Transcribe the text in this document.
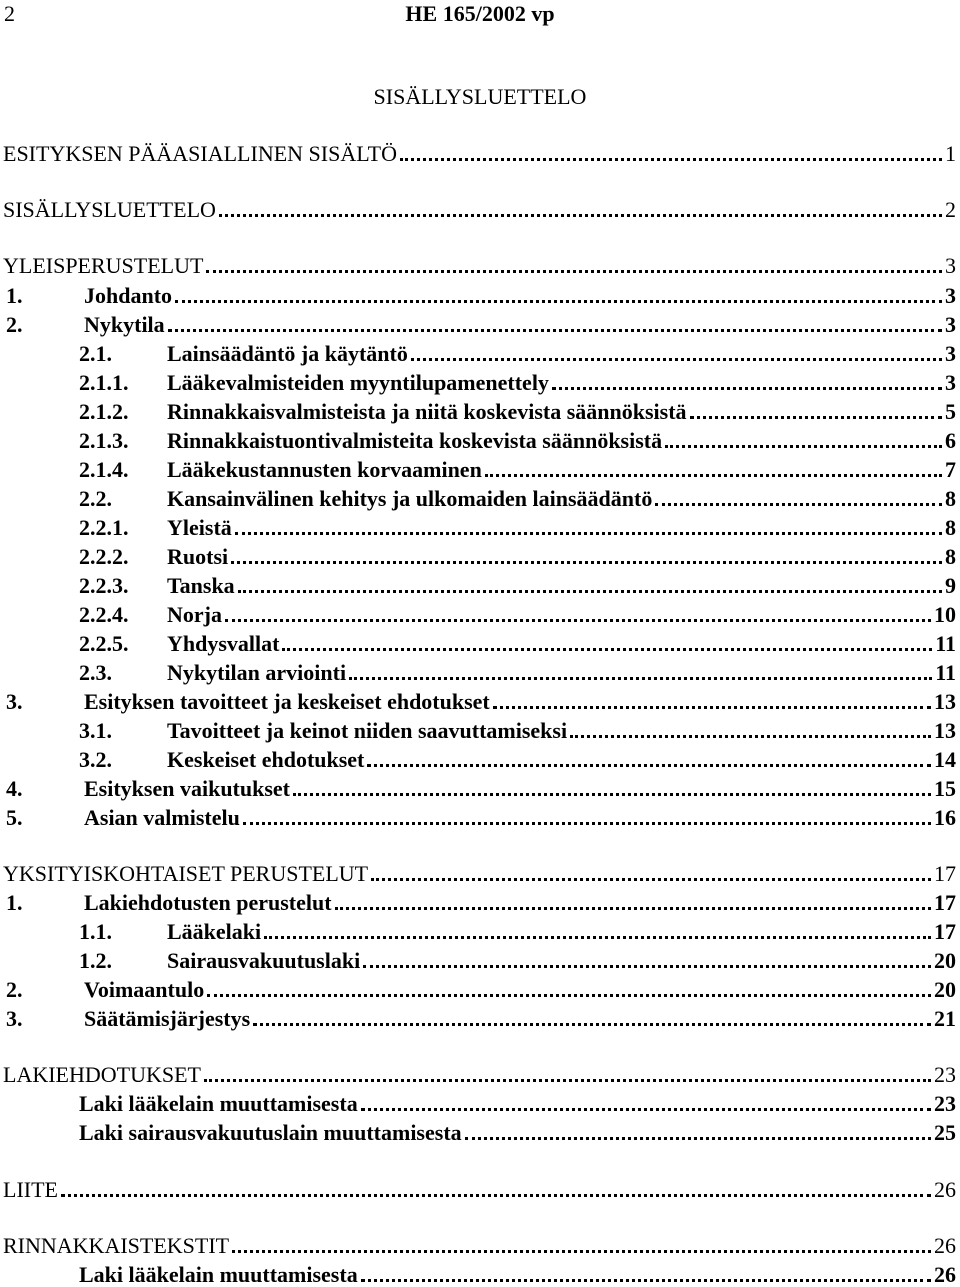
2	HE 165/2002 vp
SISÄLLYSLUETTELO
ESITYKSEN PÄÄASIALLINEN SISÄLTÖ	1
SISÄLLYSLUETTELO	2
YLEISPERUSTELUT	3
1.	Johdanto	3
2.	Nykytila	3
2.1.	Lainsäädäntö ja käytäntö	3
2.1.1.	Lääkevalmisteiden myyntilupamenettely	3
2.1.2.	Rinnakkaisvalmisteista ja niitä koskevista säännöksistä	5
2.1.3.	Rinnakkaistuontivalmisteita koskevista säännöksistä	6
2.1.4.	Lääkekustannusten korvaaminen	7
2.2.	Kansainvälinen kehitys ja ulkomaiden lainsäädäntö	8
2.2.1.	Yleistä	8
2.2.2.	Ruotsi	8
2.2.3.	Tanska	9
2.2.4.	Norja	10
2.2.5.	Yhdysvallat	11
2.3.	Nykytilan arviointi	11
3.	Esityksen tavoitteet ja keskeiset ehdotukset	13
3.1.	Tavoitteet ja keinot niiden saavuttamiseksi	13
3.2.	Keskeiset ehdotukset	14
4.	Esityksen vaikutukset	15
5.	Asian valmistelu	16
YKSITYISKOHTAISET PERUSTELUT	17
1.	Lakiehdotusten perustelut	17
1.1.	Lääkelaki	17
1.2.	Sairausvakuutuslaki	20
2.	Voimaantulo	20
3.	Säätämisjärjestys	21
LAKIEHDOTUKSET	23
Laki lääkelain muuttamisesta	23
Laki sairausvakuutuslain muuttamisesta	25
LIITE	26
RINNAKKAISTEKSTIT	26
Laki lääkelain muuttamisesta	26
